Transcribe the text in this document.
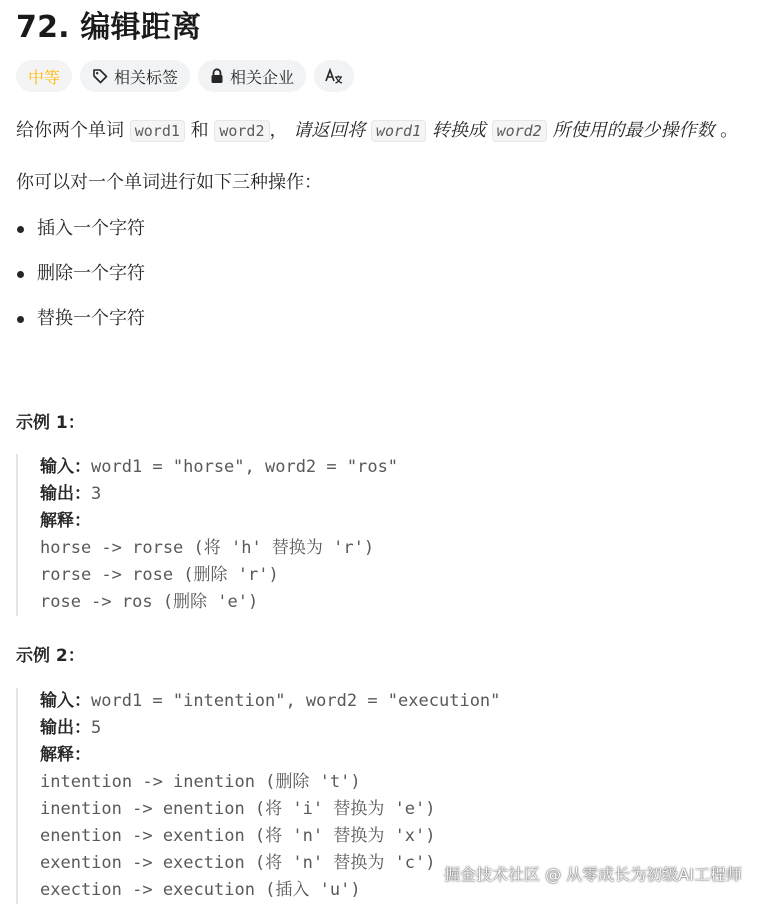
72. 编辑距离
中等	相关标签	相关企业
给你两个单词 word1 和 word2 ， 请返回将 word1 转换成 word2 所使用的最少操作数 。
你可以对一个单词进行如下三种操作：
插入一个字符
删除一个字符
替换一个字符
示例 1：
输入：word1 = "horse", word2 = "ros"
输出：3
解释：
horse -> rorse (将 'h' 替换为 'r')
rorse -> rose (删除 'r')
rose -> ros (删除 'e')
示例 2：
输入：word1 = "intention", word2 = "execution"
输出：5
解释：
intention -> inention (删除 't')
inention -> enention (将 'i' 替换为 'e')
enention -> exention (将 'n' 替换为 'x')
exention -> exection (将 'n' 替换为 'c')
exection -> execution (插入 'u')
掘金技术社区 @ 从零成长为初级AI工程师
